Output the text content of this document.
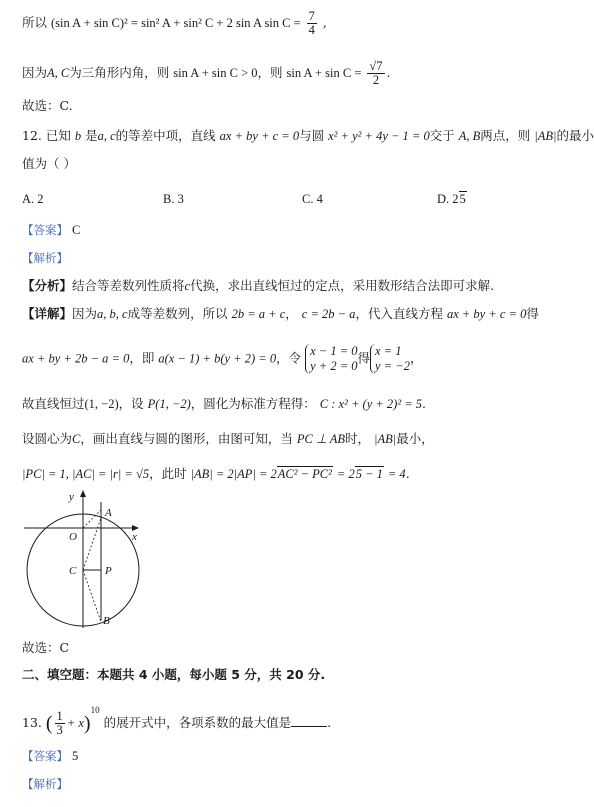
所以 (sin A + sin C)² = sin² A + sin² C + 2 sin A $\sin C = \frac{7}{4}$ ,
因为A, C为三角形内角，则 sin A + sin C > 0，则 $\sin A + \sin C = \frac{√7}{2}$ .
故选：C.
12. 已知 b 是a, c的等差中项，直线 ax + by + c = 0与圆 x² + y² + 4y − 1 = 0交于 A, B两点，则 |AB|的最小
值为（ ）
A. 2	B. 3	C. 4	D. 25
【答案】 C
【解析】
【分析】结合等差数列性质将c代换，求出直线恒过的定点，采用数形结合法即可求解.
【详解】因为a, b, c成等差数列，所以 2b = a + c， c = 2b − a，代入直线方程 ax + by + c = 0得
ax + by + 2b − a = 0，即 a(x − 1) + b(y + 2) = 0，令 x − 1 = 0
y + 2 = 0
得 x = 1
y = −2
，
故直线恒过(1, −2)，设 P(1, −2)，圆化为标准方程得： C : x² + (y + 2)² = 5.
设圆心为C，画出直线与圆的图形，由图可知，当 PC ⊥ AB时， |AB|最小，
|PC| = 1, |AC| = |r| = √5，此时 |AB| = 2|AP| = 2AC² − PC² = 25 − 1 = 4.
y
x
O
A
C	P
B
故选：C
二、填空题：本题共 4 小题，每小题 5 分，共 20 分.
13. ( $\frac{1}{3} + x)^{10}$ 的展开式中，各项系数的最大值是	.
【答案】 5
【解析】
